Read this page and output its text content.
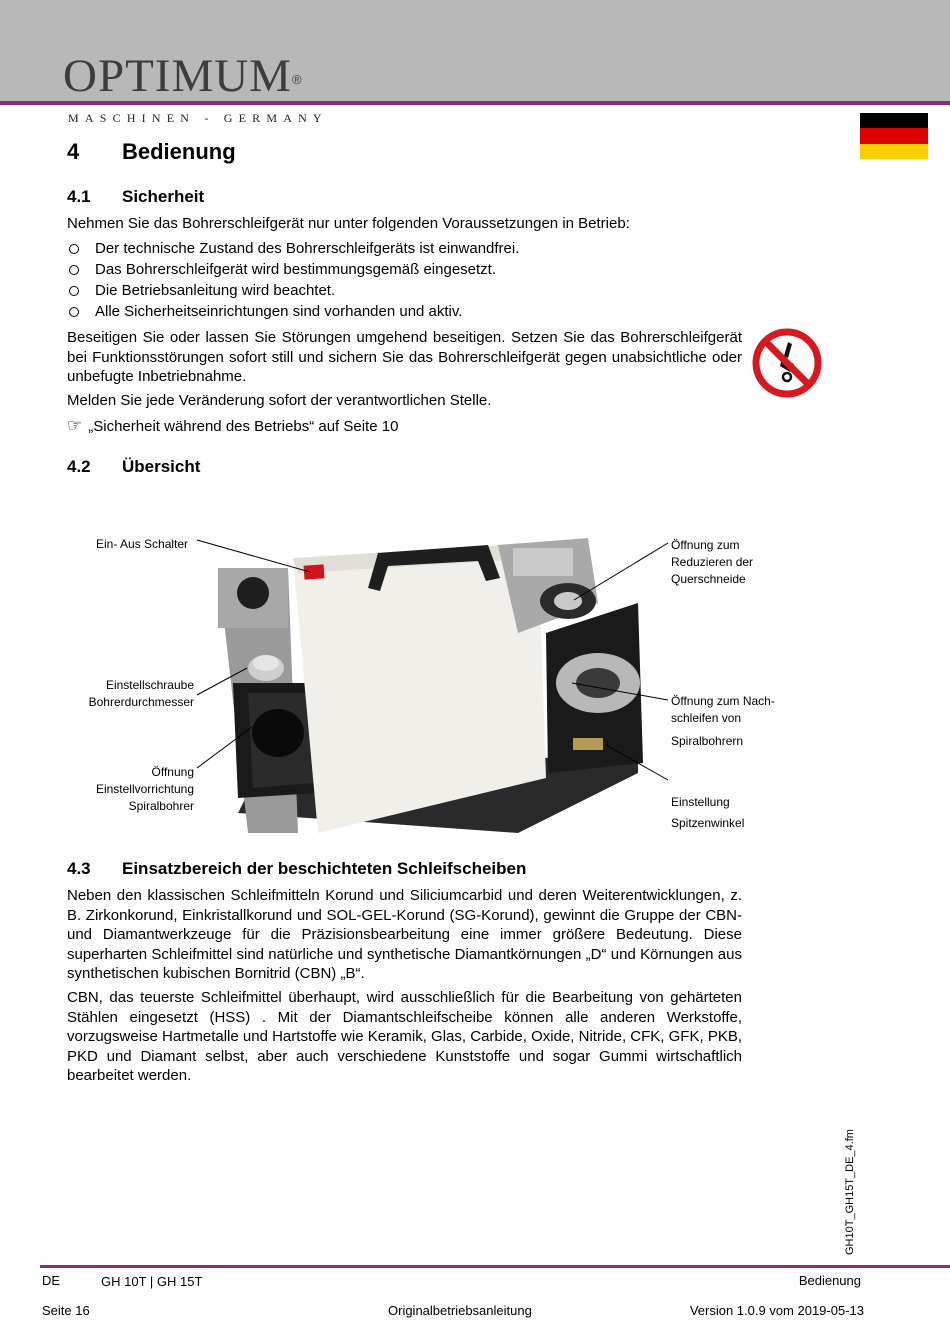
OPTIMUM®
MASCHINEN - GERMANY
4 Bedienung
4.1 Sicherheit
Nehmen Sie das Bohrerschleifgerät nur unter folgenden Voraussetzungen in Betrieb:
Der technische Zustand des Bohrerschleifgeräts ist einwandfrei.
Das Bohrerschleifgerät wird bestimmungsgemäß eingesetzt.
Die Betriebsanleitung wird beachtet.
Alle Sicherheitseinrichtungen sind vorhanden und aktiv.
Beseitigen Sie oder lassen Sie Störungen umgehend beseitigen. Setzen Sie das Bohrerschleifgerät bei Funktionsstörungen sofort still und sichern Sie das Bohrerschleifgerät gegen unabsichtliche oder unbefugte Inbetriebnahme.
Melden Sie jede Veränderung sofort der verantwortlichen Stelle.
☞ „Sicherheit während des Betriebs“ auf Seite 10
4.2 Übersicht
Ein- Aus Schalter
Einstellschraube
Bohrerdurchmesser
Öffnung
Einstellvorrichtung
Spiralbohrer
Öffnung zum
Reduzieren der
Querschneide
Öffnung zum Nach-
schleifen von
Spiralbohrern
Einstellung
Spitzenwinkel
4.3 Einsatzbereich der beschichteten Schleifscheiben
Neben den klassischen Schleifmitteln Korund und Siliciumcarbid und deren Weiterentwicklungen, z. B. Zirkonkorund, Einkristallkorund und SOL-GEL-Korund (SG-Korund), gewinnt die Gruppe der CBN- und Diamantwerkzeuge für die Präzisionsbearbeitung eine immer größere Bedeutung. Diese superharten Schleifmittel sind natürliche und synthetische Diamantkörnungen „D“ und Körnungen aus synthetischen kubischen Bornitrid (CBN) „B“.
CBN, das teuerste Schleifmittel überhaupt, wird ausschließlich für die Bearbeitung von gehärteten Stählen eingesetzt (HSS) . Mit der Diamantschleifscheibe können alle anderen Werkstoffe, vorzugsweise Hartmetalle und Hartstoffe wie Keramik, Glas, Carbide, Oxide, Nitride, CFK, GFK, PKB, PKD und Diamant selbst, aber auch verschiedene Kunststoffe und sogar Gummi wirtschaftlich bearbeitet werden.
GH10T_GH15T_DE_4.fm
DE	GH 10T | GH 15T	Bedienung
Seite 16	Originalbetriebsanleitung	Version 1.0.9 vom 2019-05-13
